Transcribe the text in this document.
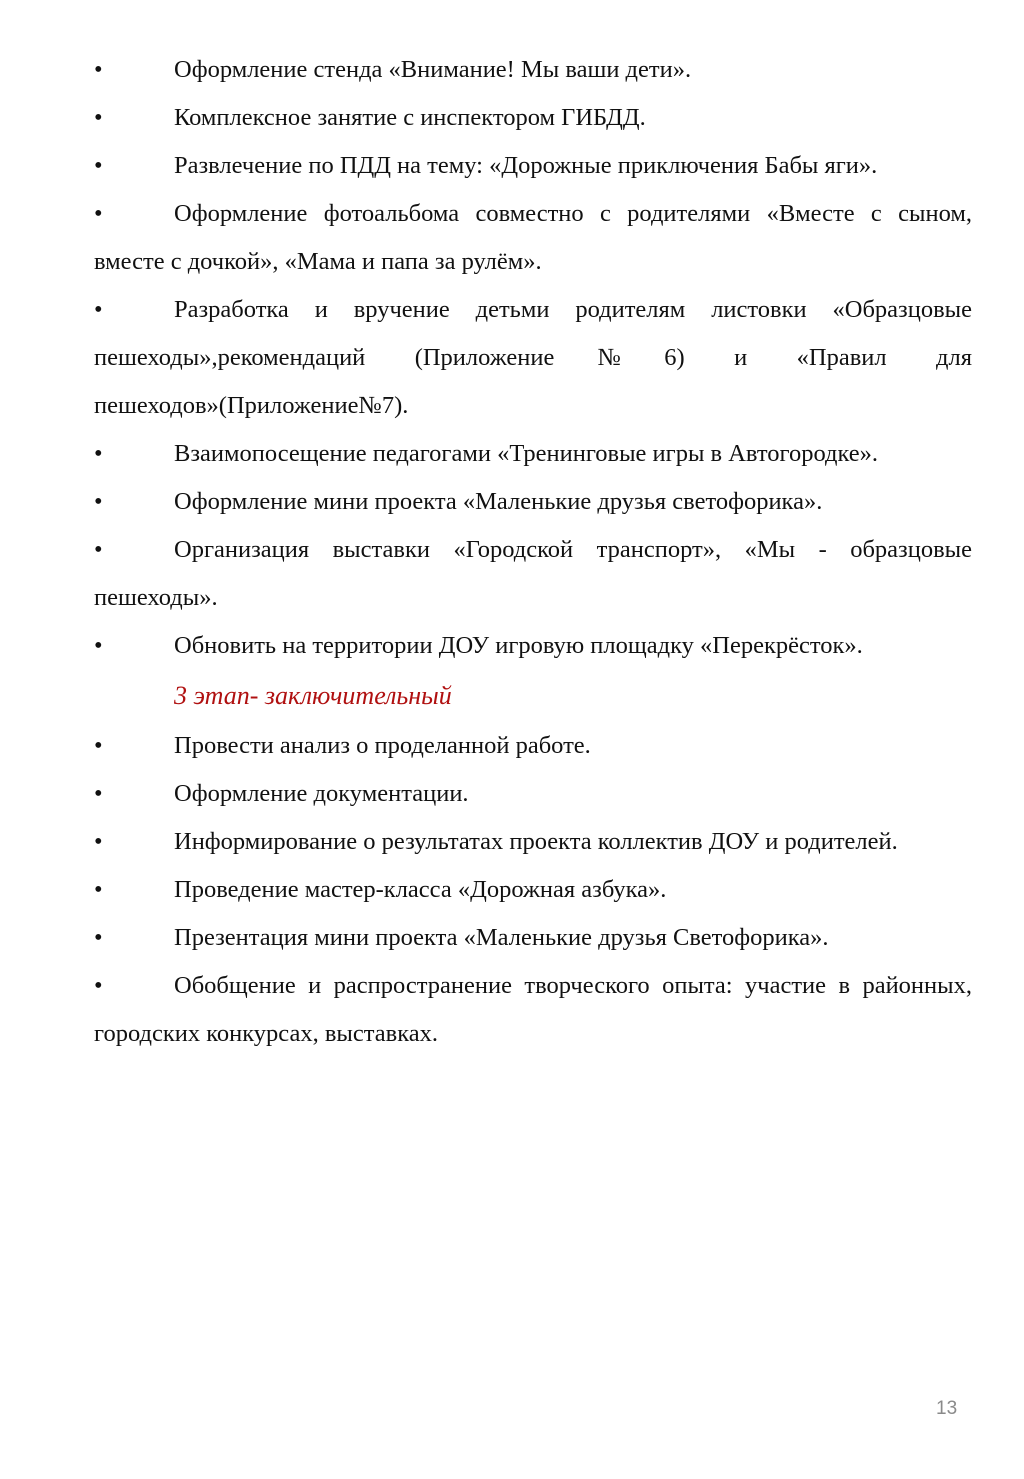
•	Оформление стенда «Внимание! Мы ваши дети».
•	Комплексное занятие с инспектором ГИБДД.
•	Развлечение по ПДД на тему: «Дорожные приключения Бабы яги».
•	Оформление фотоальбома совместно с родителями «Вместе с сыном, вместе с дочкой», «Мама и папа за рулём».
•	Разработка и вручение детьми родителям листовки «Образцовые пешеходы»,рекомендаций (Приложение№6) и «Правил для пешеходов»(Приложение№7).
•	Взаимопосещение педагогами «Тренинговые игры в Автогородке».
•	Оформление мини проекта «Маленькие друзья светофорика».
•	Организация выставки «Городской транспорт», «Мы - образцовые пешеходы».
•	Обновить на территории ДОУ игровую площадку «Перекрёсток».
3 этап- заключительный
•	Провести анализ о проделанной работе.
•	Оформление документации.
•	Информирование о результатах проекта коллектив ДОУ и родителей.
•	Проведение мастер-класса «Дорожная азбука».
•	Презентация мини проекта «Маленькие друзья Светофорика».
•	Обобщение и распространение творческого опыта: участие в районных, городских конкурсах, выставках.
13
